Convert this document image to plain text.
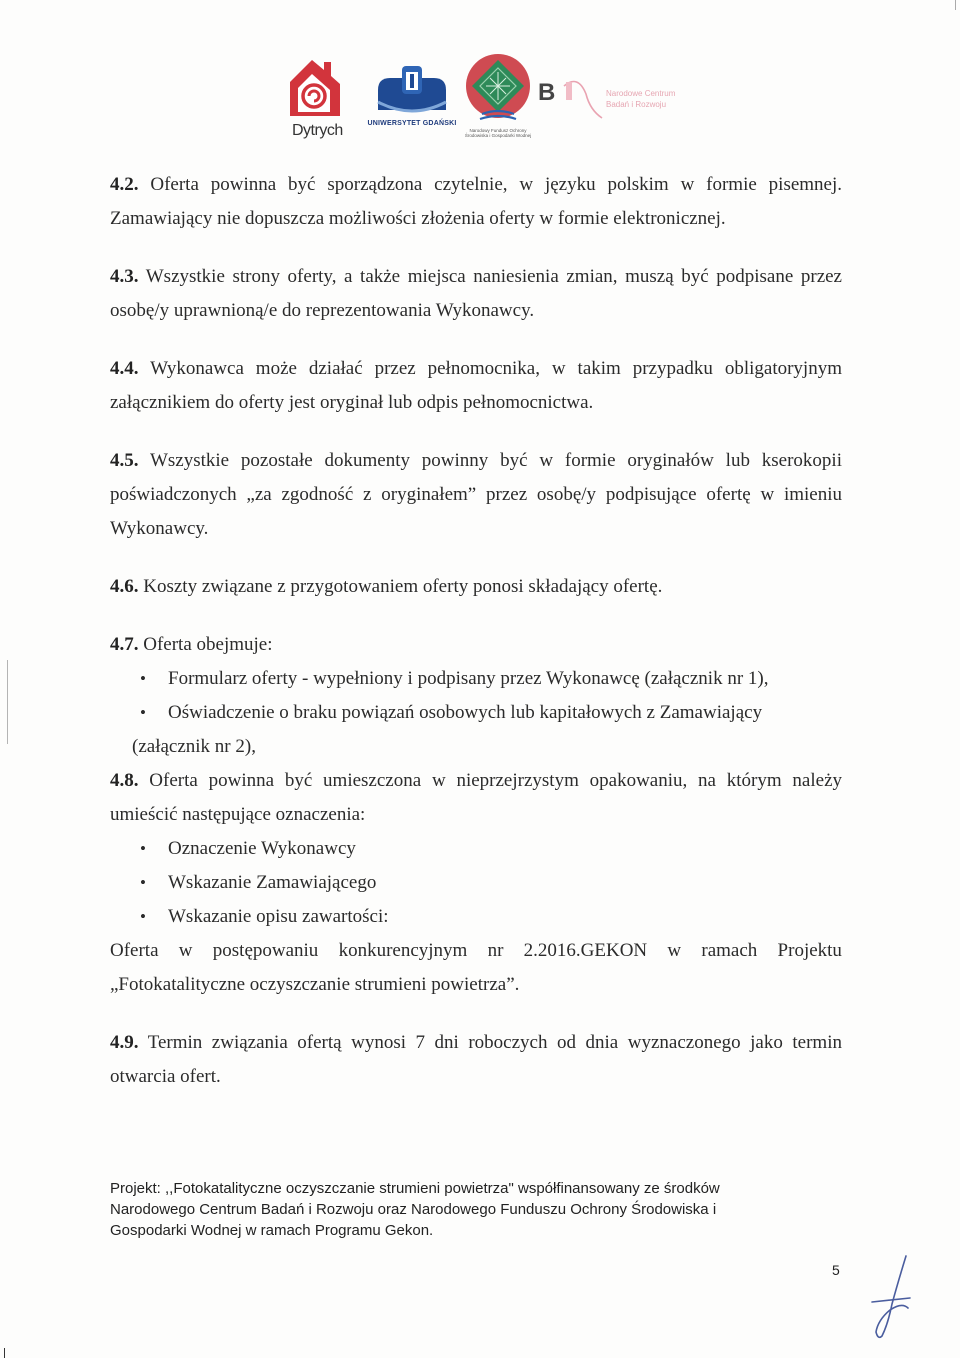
Dytrych	UNIWERSYTET GDAŃSKI
Narodowy Fundusz Ochrony Środowiska i Gospodarki Wodnej
B	Narodowe Centrum
Badań i Rozwoju

4.2. Oferta powinna być sporządzona czytelnie, w języku polskim w formie pisemnej. Zamawiający nie dopuszcza możliwości złożenia oferty w formie elektronicznej.

4.3. Wszystkie strony oferty, a także miejsca naniesienia zmian, muszą być podpisane przez osobę/y uprawnioną/e do reprezentowania Wykonawcy.

4.4. Wykonawca może działać przez pełnomocnika, w takim przypadku obligatoryjnym załącznikiem do oferty jest oryginał lub odpis pełnomocnictwa.

4.5. Wszystkie pozostałe dokumenty powinny być w formie oryginałów lub kserokopii poświadczonych „za zgodność z oryginałem” przez osobę/y podpisujące ofertę w imieniu Wykonawcy.

4.6. Koszty związane z przygotowaniem oferty ponosi składający ofertę.

4.7. Oferta obejmuje:

• Formularz oferty - wypełniony i podpisany przez Wykonawcę (załącznik nr 1),
• Oświadczenie o braku powiązań osobowych lub kapitałowych z Zamawiający

(załącznik nr 2),

4.8. Oferta powinna być umieszczona w nieprzejrzystym opakowaniu, na którym należy umieścić następujące oznaczenia:

• Oznaczenie Wykonawcy
• Wskazanie Zamawiającego
• Wskazanie opisu zawartości:
Oferta w postępowaniu konkurencyjnym nr 2.2016.GEKON w ramach Projektu

„Fotokatalityczne oczyszczanie strumieni powietrza”.

4.9. Termin związania ofertą wynosi 7 dni roboczych od dnia wyznaczonego jako termin otwarcia ofert.

Projekt: ,,Fotokatalityczne oczyszczanie strumieni powietrza" współfinansowany ze środków Narodowego Centrum Badań i Rozwoju oraz Narodowego Funduszu Ochrony Środowiska i Gospodarki Wodnej w ramach Programu Gekon.
5
